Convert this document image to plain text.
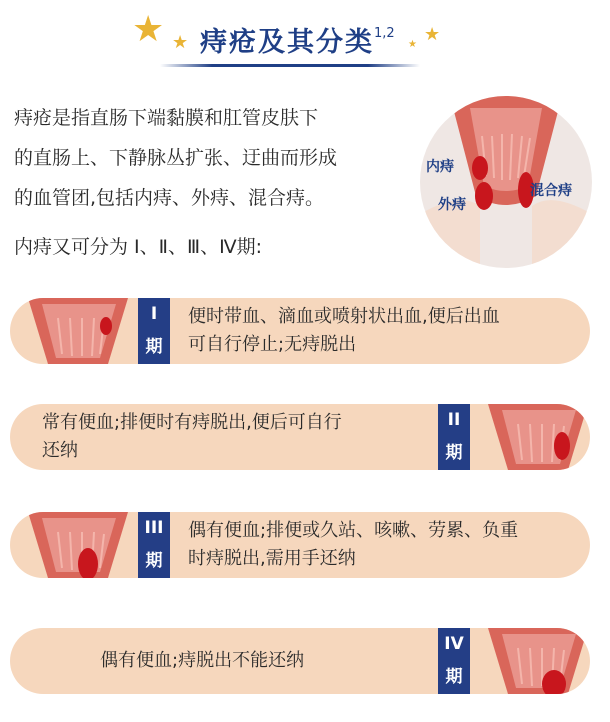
★ ★	★
★
痔疮及其分类$^{1,2}$
痔疮是指直肠下端黏膜和肛管皮肤下
的直肠上、下静脉丛扩张、迂曲而形成
的血管团,包括内痔、外痔、混合痔。
内痔又可分为 Ⅰ、Ⅱ、Ⅲ、Ⅳ期:
内痔
外痔
混合痔
I
期
便时带血、滴血或喷射状出血,便后出血
可自行停止;无痔脱出
常有便血;排便时有痔脱出,便后可自行
还纳
II
期
III
期
偶有便血;排便或久站、咳嗽、劳累、负重
时痔脱出,需用手还纳
偶有便血;痔脱出不能还纳
IV
期
